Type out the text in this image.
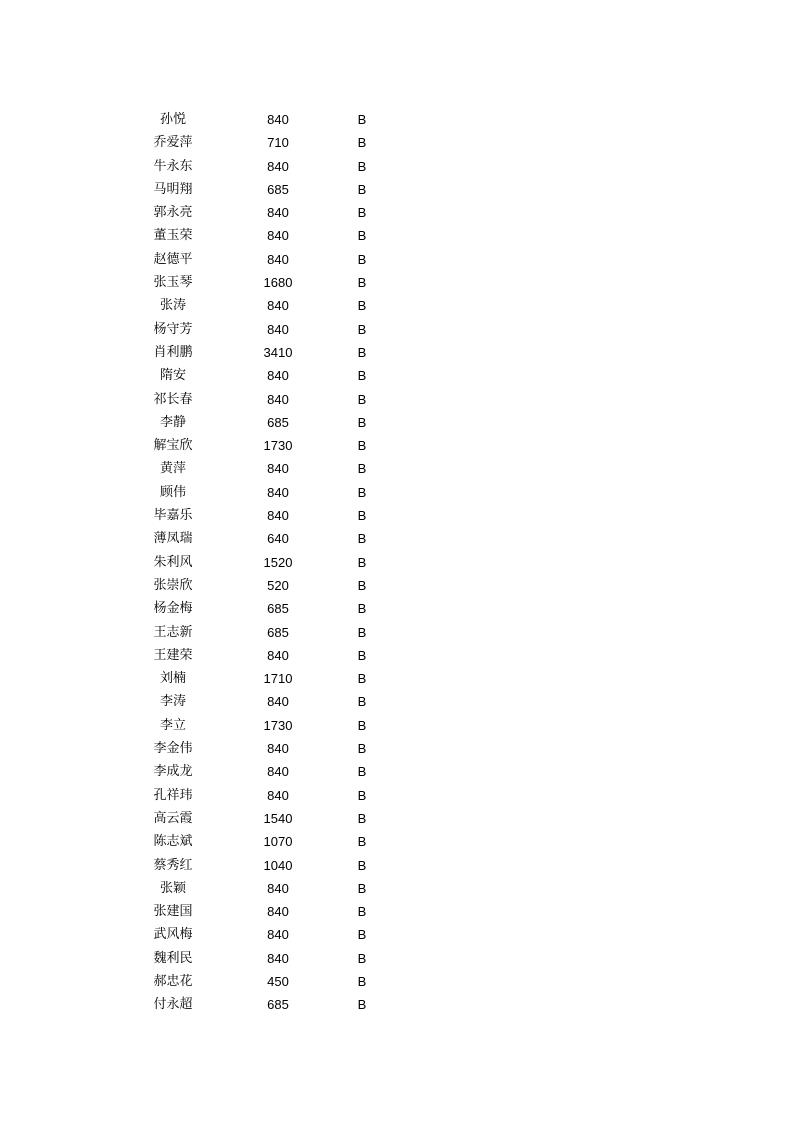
孙悦	840	B
乔爱萍	710	B
牛永东	840	B
马明翔	685	B
郭永亮	840	B
董玉荣	840	B
赵德平	840	B
张玉琴	1680	B
张涛	840	B
杨守芳	840	B
肖利鹏	3410	B
隋安	840	B
祁长春	840	B
李静	685	B
解宝欣	1730	B
黄萍	840	B
顾伟	840	B
毕嘉乐	840	B
薄凤瑞	640	B
朱利风	1520	B
张崇欣	520	B
杨金梅	685	B
王志新	685	B
王建荣	840	B
刘楠	1710	B
李涛	840	B
李立	1730	B
李金伟	840	B
李成龙	840	B
孔祥玮	840	B
高云霞	1540	B
陈志斌	1070	B
蔡秀红	1040	B
张颖	840	B
张建国	840	B
武风梅	840	B
魏利民	840	B
郝忠花	450	B
付永超	685	B
